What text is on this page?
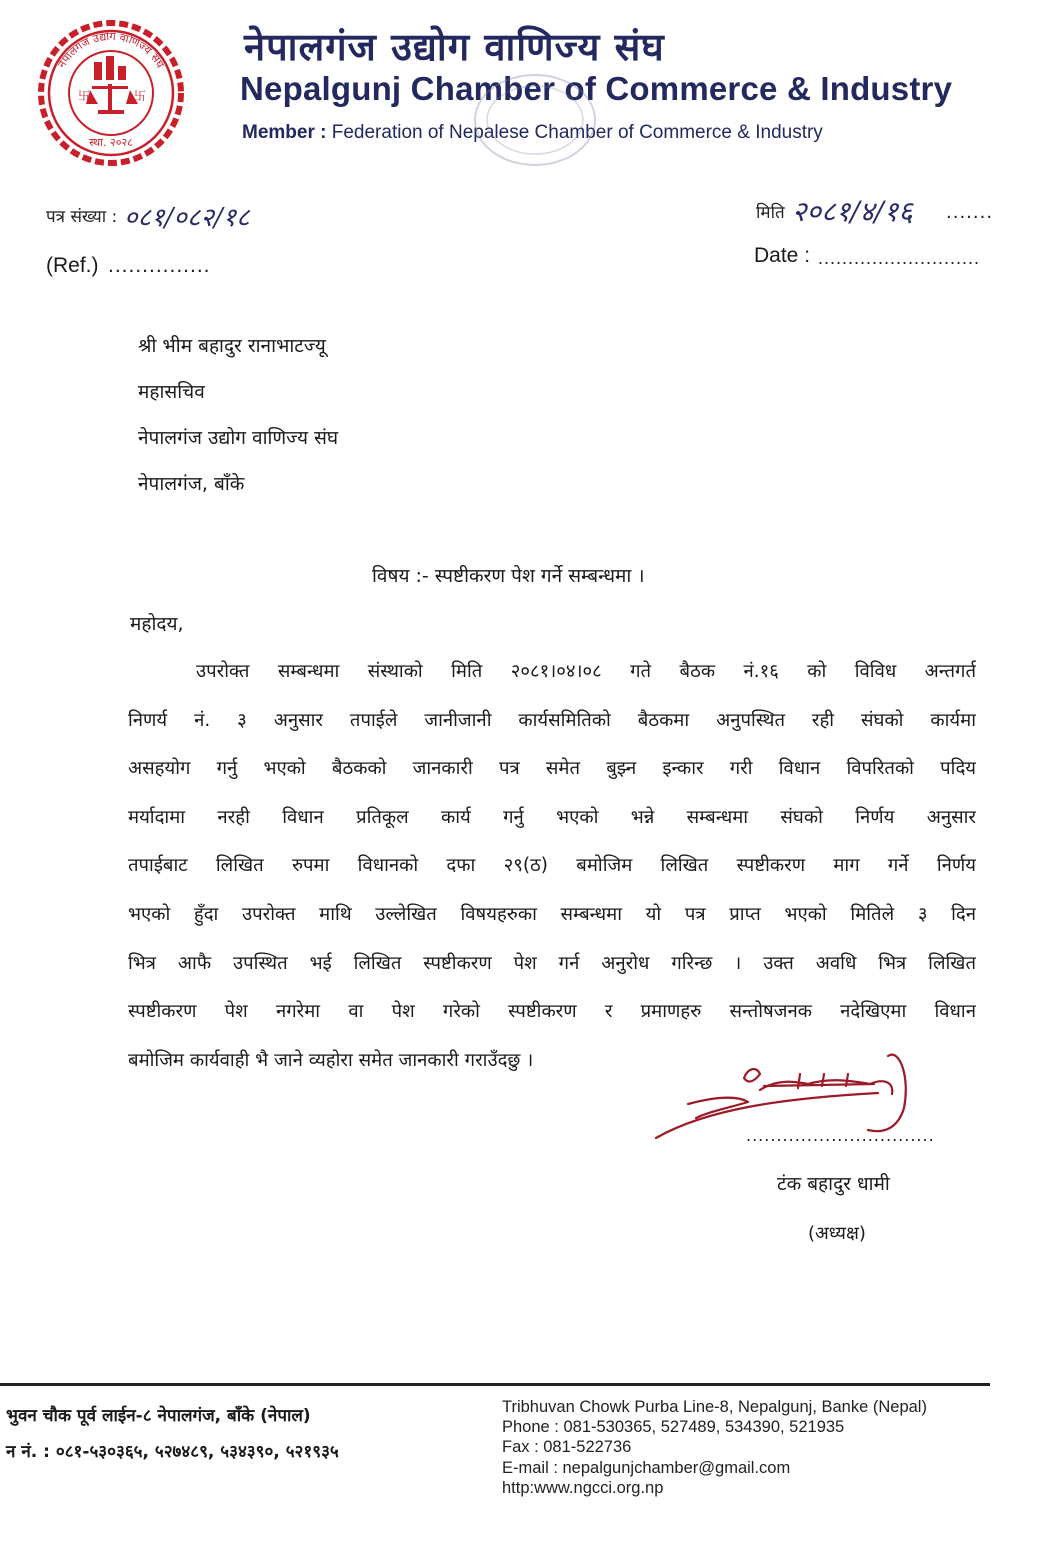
卐	卐
स्था. २०२८
नेपालगंज उद्योग वाणिज्य संघ नेपालगंज उद्योग वाणिज्य संघ
Nepalgunj Chamber of Commerce & Industry
Member : Federation of Nepalese Chamber of Commerce & Industry
पत्र संख्या : ०८१/०८२/१८
(Ref.) ...............
मिति २०८१/४/१६ .......
Date : ...........................
श्री भीम बहादुर रानाभाटज्यू
महासचिव
नेपालगंज उद्योग वाणिज्य संघ
नेपालगंज, बाँके
विषय :- स्पष्टीकरण पेश गर्ने सम्बन्धमा ।
महोदय,
उपरोक्त सम्बन्धमा संस्थाको मिति २०८१।०४।०८ गते बैठक नं.१६ को विविध अन्तगर्त
निणर्य नं. ३ अनुसार तपाईले जानीजानी कार्यसमितिको बैठकमा अनुपस्थित रही संघको कार्यमा
असहयोग गर्नु भएको बैठकको जानकारी पत्र समेत बुझ्न इन्कार गरी विधान विपरितको पदिय
मर्यादामा नरही विधान प्रतिकूल कार्य गर्नु भएको भन्ने सम्बन्धमा संघको निर्णय अनुसार
तपाईबाट लिखित रुपमा विधानको दफा २९(ठ) बमोजिम लिखित स्पष्टीकरण माग गर्ने निर्णय
भएको हुँदा उपरोक्त माथि उल्लेखित विषयहरुका सम्बन्धमा यो पत्र प्राप्त भएको मितिले ३ दिन
भित्र आफै उपस्थित भई लिखित स्पष्टीकरण पेश गर्न अनुरोध गरिन्छ । उक्त अवधि भित्र लिखित
स्पष्टीकरण पेश नगरेमा वा पेश गरेको स्पष्टीकरण र प्रमाणहरु सन्तोषजनक नदेखिएमा विधान
बमोजिम कार्यवाही भै जाने व्यहोरा समेत जानकारी गराउँदछु ।
...............................
टंक बहादुर धामी
(अध्यक्ष)
भुवन चौक पूर्व लाईन-८ नेपालगंज, बाँके (नेपाल)
न नं. : ०८१-५३०३६५, ५२७४८९, ५३४३९०, ५२१९३५
Tribhuvan Chowk Purba Line-8, Nepalgunj, Banke (Nepal)
Phone : 081-530365, 527489, 534390, 521935
Fax : 081-522736
E-mail : nepalgunjchamber@gmail.com
http:www.ngcci.org.np
